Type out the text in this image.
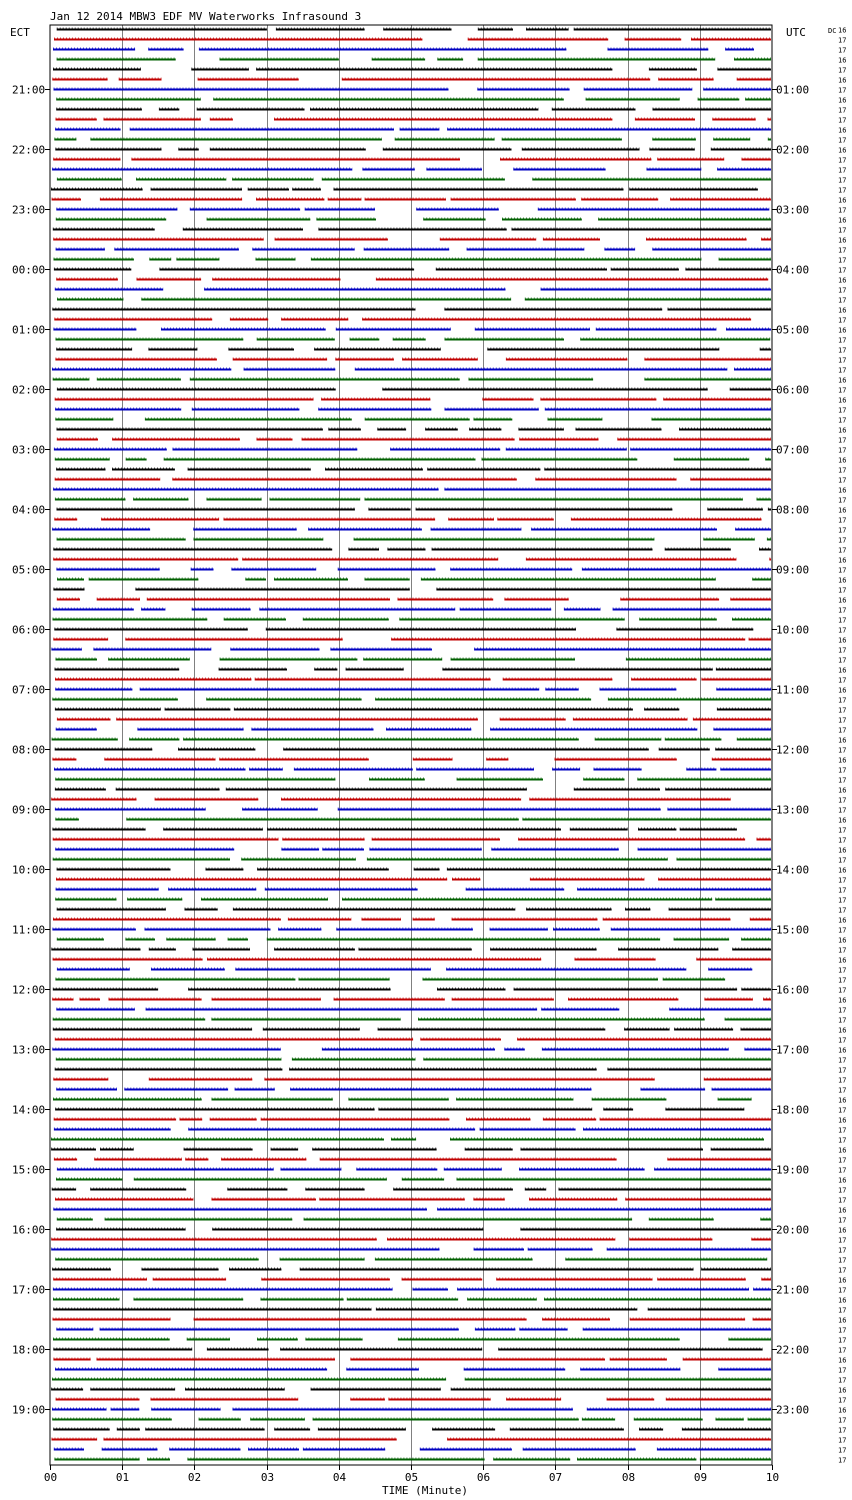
Jan 12 2014 MBW3 EDF MV Waterworks Infrasound 3
ECT	UTC	DC
00	01	02	03	04	05	06	07	08	09	10
21:00	01:00
22:00	02:00
23:00	03:00
00:00	04:00
01:00	05:00
02:00	06:00
03:00	07:00
04:00	08:00
05:00	09:00
06:00	10:00
07:00	11:00
08:00	12:00
09:00	13:00
10:00	14:00
11:00	15:00
12:00	16:00
13:00	17:00
14:00	18:00
15:00	19:00
16:00	20:00
17:00	21:00
18:00	22:00
19:00	23:00
16
17
17
16
17
16
17
16
17
17
16
17
16
17
17
17
17
16
17
16
17
16
17
17
17
16
17
17
16
17
16
17
17
17
17
16
17
16
17
17
16
17
17
16
17
17
16
17
16
17
17
17
17
16
17
16
17
16
17
17
17
16
17
17
16
17
16
17
17
17
17
16
17
16
17
17
16
17
17
16
17
17
16
17
16
17
17
17
17
16
17
16
17
16
17
17
17
16
17
17
16
17
16
17
17
17
17
16
17
16
17
17
16
17
17
16
17
17
16
17
16
17
17
17
17
16
17
16
17
16
17
17
17
16
17
17
16
17
16
17
17
17
17
17
TIME (Minute)
